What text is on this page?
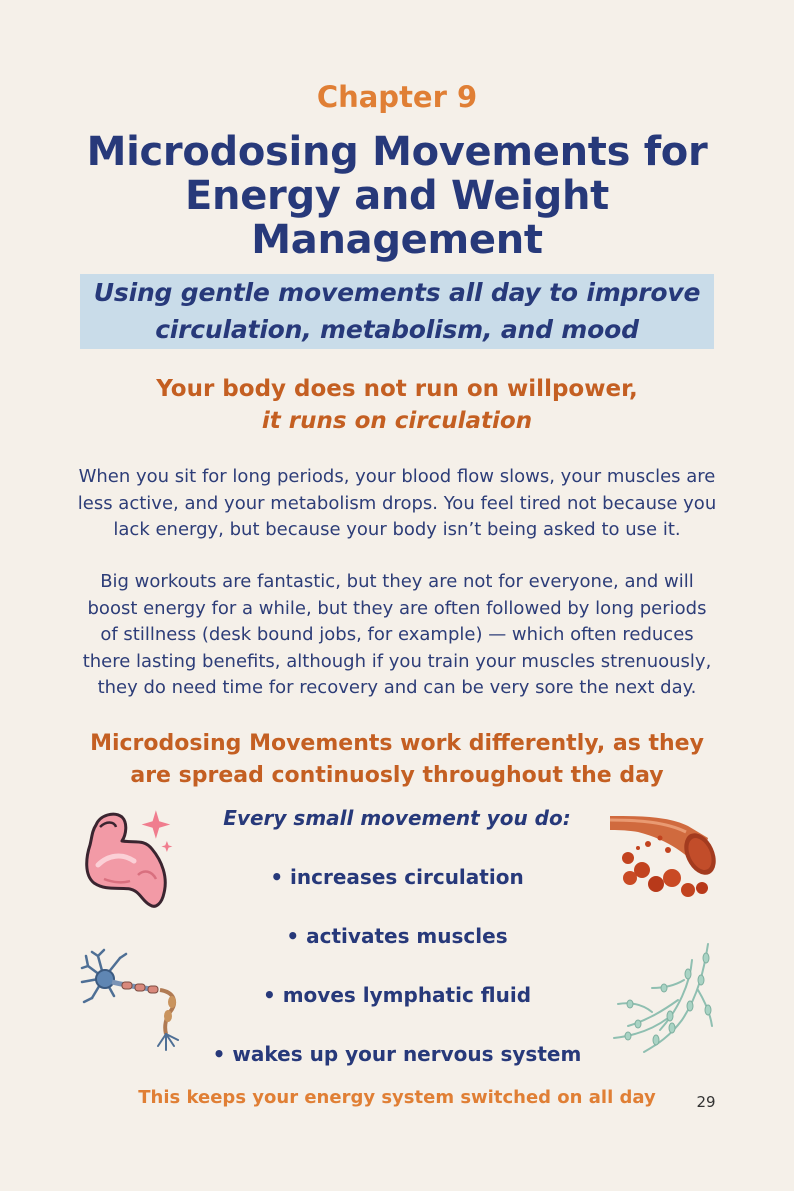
Chapter 9
Microdosing Movements for
Energy and Weight
Management
Using gentle movements all day to improve
circulation, metabolism, and mood
Your body does not run on willpower,
it runs on circulation
When you sit for long periods, your blood flow slows, your muscles are less active, and your metabolism drops. You feel tired not because you lack energy, but because your body isn’t being asked to use it.
Big workouts are fantastic, but they are not for everyone, and will boost energy for a while, but they are often followed by long periods of stillness (desk bound jobs, for example) — which often reduces there lasting benefits, although if you train your muscles strenuously, they do need time for recovery and can be very sore the next day.
Microdosing Movements work differently, as they
are spread continuosly throughout the day
Every small movement you do:
• increases circulation
• activates muscles
• moves lymphatic fluid
• wakes up your nervous system
This keeps your energy system switched on all day	29
